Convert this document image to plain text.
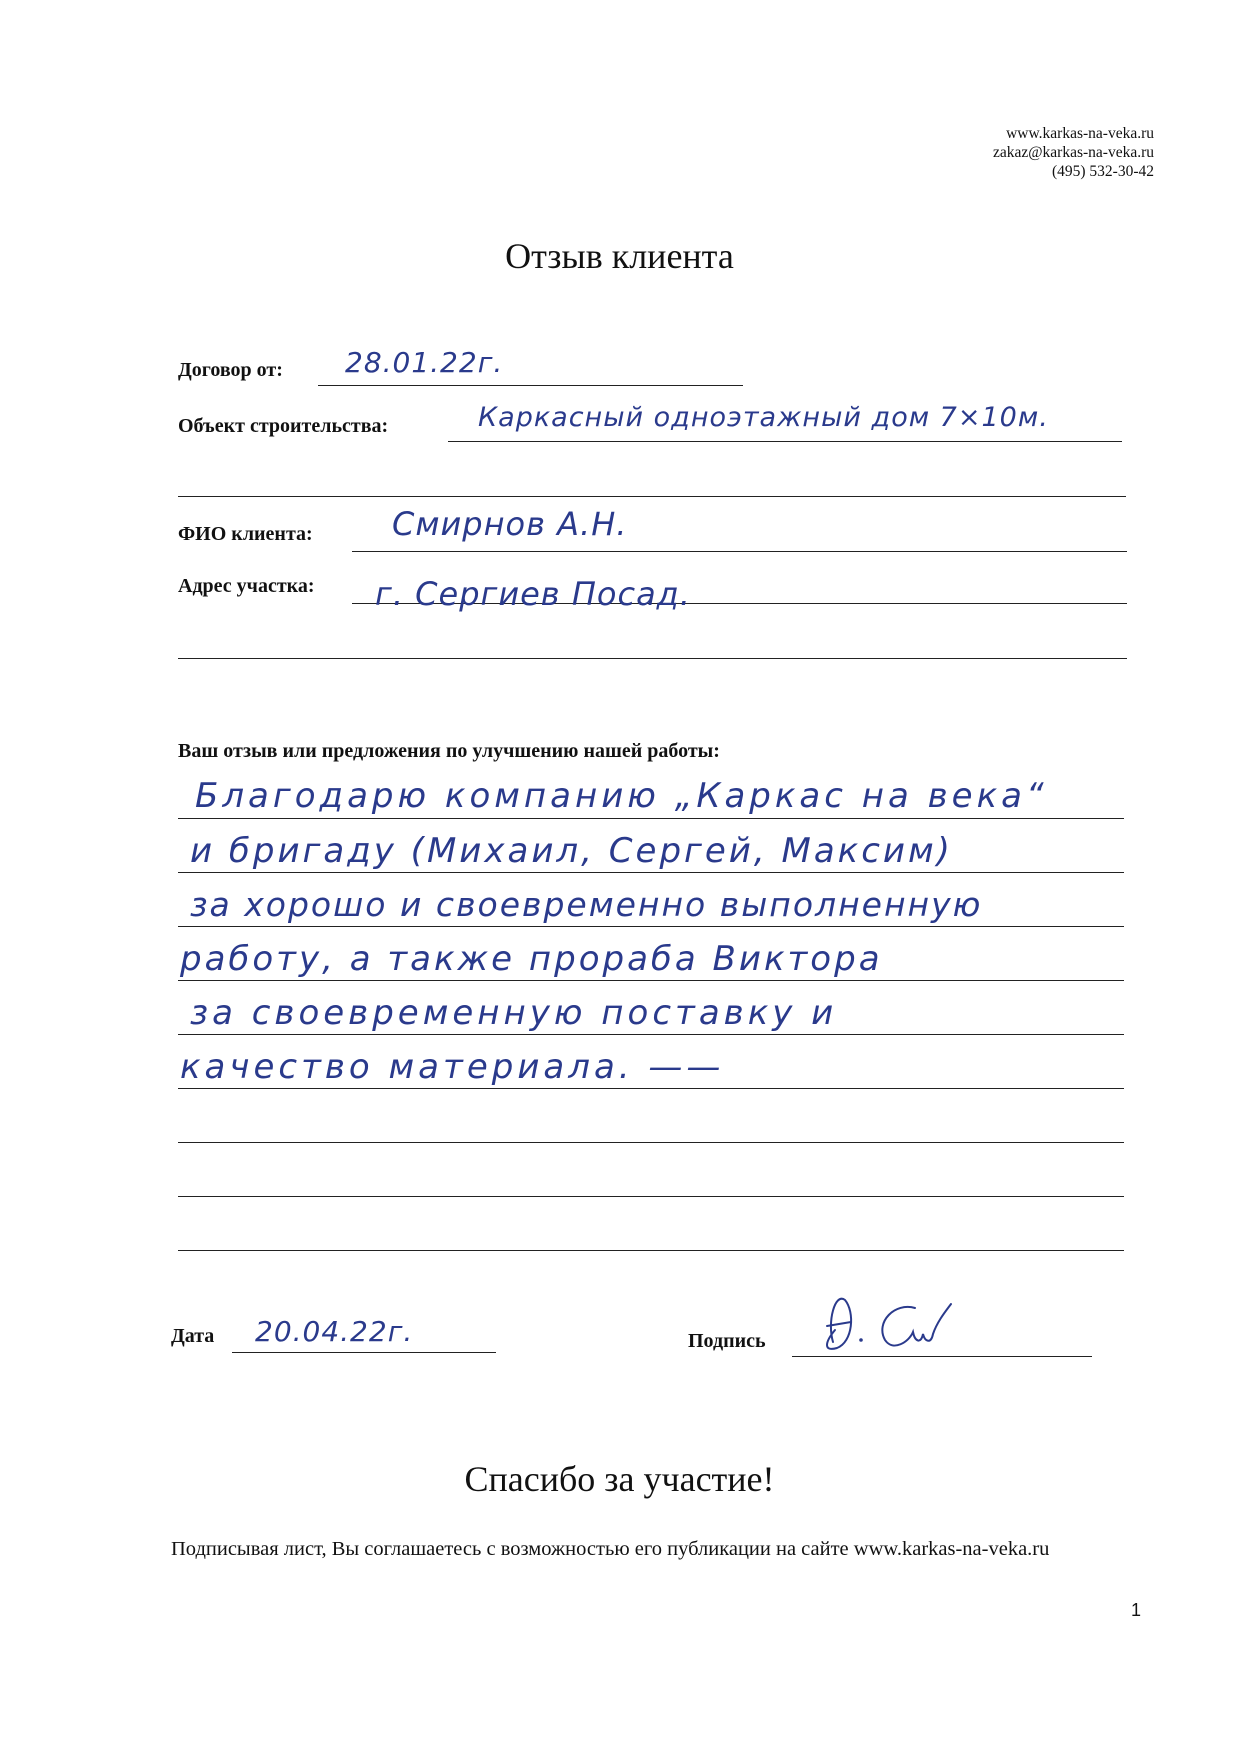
www.karkas-na-veka.ru
zakaz@karkas-na-veka.ru
(495) 532-30-42
Отзыв клиента
Договор от: 28.01.22г.
Объект строительства:	Каркасный одноэтажный дом 7×10м.
ФИО клиента: Смирнов А.Н.
Адрес участка: г. Сергиев Посад.
Ваш отзыв или предложения по улучшению нашей работы:
Благодарю компанию „Каркас на века“
и бригаду (Михаил, Сергей, Максим)
за хорошо и своевременно выполненную
работу, а также прораба Виктора
за своевременную поставку и
качество материала. ——
Дата 20.04.22г.	Подпись
Спасибо за участие!
Подписывая лист, Вы соглашаетесь с возможностью его публикации на сайте www.karkas-na-veka.ru
1
